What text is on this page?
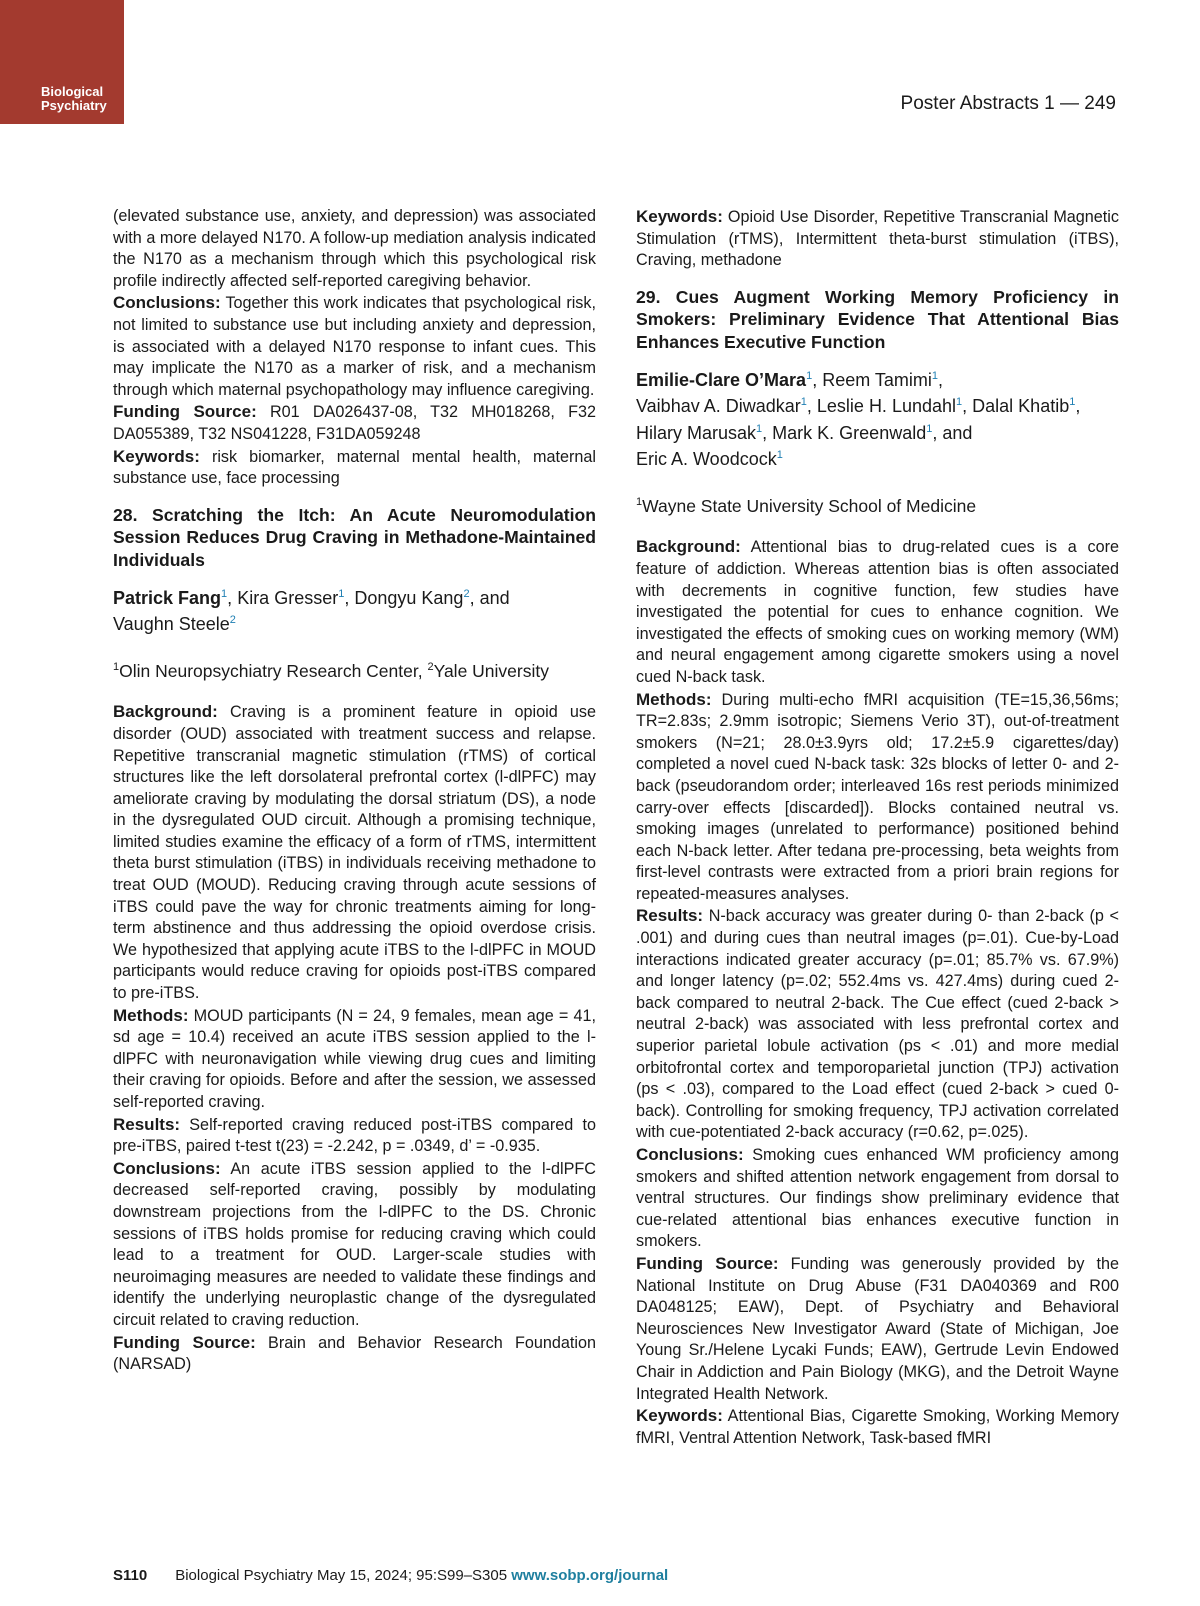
Biological
Psychiatry	Poster Abstracts 1 — 249

(elevated substance use, anxiety, and depression) was associated with a more delayed N170. A follow-up mediation analysis indicated the N170 as a mechanism through which this psychological risk profile indirectly affected self-reported caregiving behavior.

Conclusions: Together this work indicates that psychological risk, not limited to substance use but including anxiety and depression, is associated with a delayed N170 response to infant cues. This may implicate the N170 as a marker of risk, and a mechanism through which maternal psychopathology may influence caregiving.

Funding Source: R01 DA026437-08, T32 MH018268, F32 DA055389, T32 NS041228, F31DA059248

Keywords: risk biomarker, maternal mental health, maternal substance use, face processing

28. Scratching the Itch: An Acute Neuromodulation Session Reduces Drug Craving in Methadone-Maintained Individuals

Patrick Fang$^1$, Kira Gresser$^1$, Dongyu Kang$^2$, and
Vaughn Steele$^2$

$^1$Olin Neuropsychiatry Research Center, $^2$Yale University

Background: Craving is a prominent feature in opioid use disorder (OUD) associated with treatment success and relapse. Repetitive transcranial magnetic stimulation (rTMS) of cortical structures like the left dorsolateral prefrontal cortex (l-dlPFC) may ameliorate craving by modulating the dorsal striatum (DS), a node in the dysregulated OUD circuit. Although a promising technique, limited studies examine the efficacy of a form of rTMS, intermittent theta burst stimulation (iTBS) in individuals receiving methadone to treat OUD (MOUD). Reducing craving through acute sessions of iTBS could pave the way for chronic treatments aiming for long-term abstinence and thus addressing the opioid overdose crisis. We hypothesized that applying acute iTBS to the l-dlPFC in MOUD participants would reduce craving for opioids post-iTBS compared to pre-iTBS.

Methods: MOUD participants (N = 24, 9 females, mean age = 41, sd age = 10.4) received an acute iTBS session applied to the l-dlPFC with neuronavigation while viewing drug cues and limiting their craving for opioids. Before and after the session, we assessed self-reported craving.

Results: Self-reported craving reduced post-iTBS compared to pre-iTBS, paired t-test t(23) = -2.242, p = .0349, d’ = -0.935.

Conclusions: An acute iTBS session applied to the l-dlPFC decreased self-reported craving, possibly by modulating downstream projections from the l-dlPFC to the DS. Chronic sessions of iTBS holds promise for reducing craving which could lead to a treatment for OUD. Larger-scale studies with neuroimaging measures are needed to validate these findings and identify the underlying neuroplastic change of the dysregulated circuit related to craving reduction.

Funding Source: Brain and Behavior Research Foundation (NARSAD)

Keywords: Opioid Use Disorder, Repetitive Transcranial Magnetic Stimulation (rTMS), Intermittent theta-burst stimulation (iTBS), Craving, methadone

29. Cues Augment Working Memory Proficiency in Smokers: Preliminary Evidence That Attentional Bias Enhances Executive Function

Emilie-Clare O’Mara$^1$, Reem Tamimi$^1$,
Vaibhav A. Diwadkar$^1$, Leslie H. Lundahl$^1$, Dalal Khatib$^1$,
Hilary Marusak$^1$, Mark K. Greenwald$^1$, and
Eric A. Woodcock$^1$

$^1$Wayne State University School of Medicine

Background: Attentional bias to drug-related cues is a core feature of addiction. Whereas attention bias is often associated with decrements in cognitive function, few studies have investigated the potential for cues to enhance cognition. We investigated the effects of smoking cues on working memory (WM) and neural engagement among cigarette smokers using a novel cued N-back task.

Methods: During multi-echo fMRI acquisition (TE=15,36,56ms; TR=2.83s; 2.9mm isotropic; Siemens Verio 3T), out-of-treatment smokers (N=21; 28.0±3.9yrs old; 17.2±5.9 cigarettes/day) completed a novel cued N-back task: 32s blocks of letter 0- and 2-back (pseudorandom order; interleaved 16s rest periods minimized carry-over effects [discarded]). Blocks contained neutral vs. smoking images (unrelated to performance) positioned behind each N-back letter. After tedana pre-processing, beta weights from first-level contrasts were extracted from a priori brain regions for repeated-measures analyses.

Results: N-back accuracy was greater during 0- than 2-back (p < .001) and during cues than neutral images (p=.01). Cue-by-Load interactions indicated greater accuracy (p=.01; 85.7% vs. 67.9%) and longer latency (p=.02; 552.4ms vs. 427.4ms) during cued 2-back compared to neutral 2-back. The Cue effect (cued 2-back > neutral 2-back) was associated with less prefrontal cortex and superior parietal lobule activation (ps < .01) and more medial orbitofrontal cortex and temporoparietal junction (TPJ) activation (ps < .03), compared to the Load effect (cued 2-back > cued 0-back). Controlling for smoking frequency, TPJ activation correlated with cue-potentiated 2-back accuracy (r=0.62, p=.025).

Conclusions: Smoking cues enhanced WM proficiency among smokers and shifted attention network engagement from dorsal to ventral structures. Our findings show preliminary evidence that cue-related attentional bias enhances executive function in smokers.

Funding Source: Funding was generously provided by the National Institute on Drug Abuse (F31 DA040369 and R00 DA048125; EAW), Dept. of Psychiatry and Behavioral Neurosciences New Investigator Award (State of Michigan, Joe Young Sr./Helene Lycaki Funds; EAW), Gertrude Levin Endowed Chair in Addiction and Pain Biology (MKG), and the Detroit Wayne Integrated Health Network.

Keywords: Attentional Bias, Cigarette Smoking, Working Memory fMRI, Ventral Attention Network, Task-based fMRI

S110 Biological Psychiatry May 15, 2024; 95:S99–S305 www.sobp.org/journal
